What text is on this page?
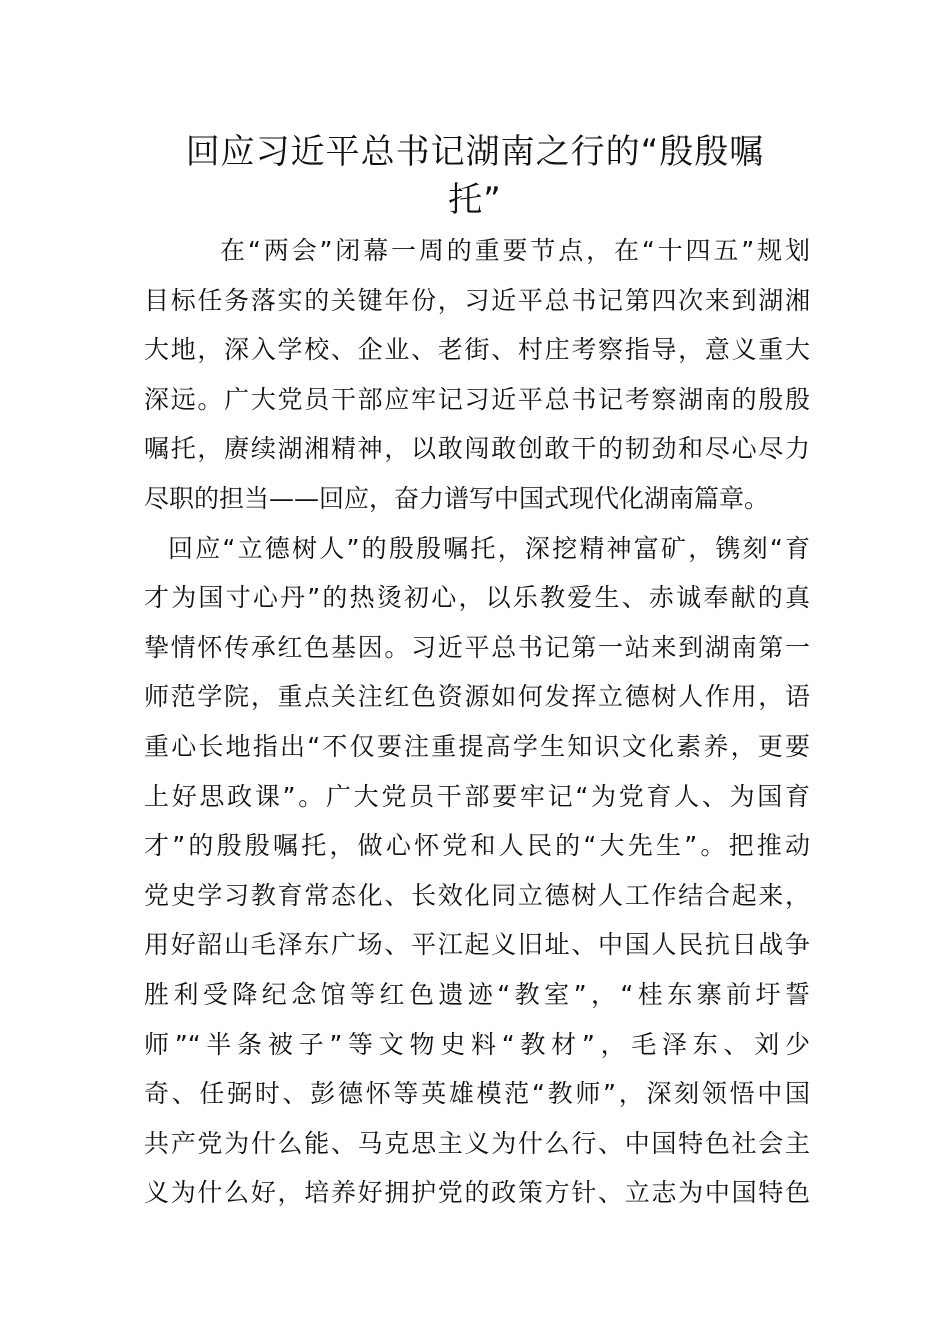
回应习近平总书记湖南之行的“殷殷嘱
托”
在“两会”闭幕一周的重要节点，在“十四五”规划
目标任务落实的关键年份，习近平总书记第四次来到湖湘
大地，深入学校、企业、老街、村庄考察指导，意义重大
深远。广大党员干部应牢记习近平总书记考察湖南的殷殷
嘱托，赓续湖湘精神，以敢闯敢创敢干的韧劲和尽心尽力
尽职的担当——回应，奋力谱写中国式现代化湖南篇章。
回应“立德树人”的殷殷嘱托，深挖精神富矿，镌刻“育
才为国寸心丹”的热烫初心，以乐教爱生、赤诚奉献的真
挚情怀传承红色基因。习近平总书记第一站来到湖南第一
师范学院，重点关注红色资源如何发挥立德树人作用，语
重心长地指出“不仅要注重提高学生知识文化素养，更要
上好思政课”。广大党员干部要牢记“为党育人、为国育
才”的殷殷嘱托，做心怀党和人民的“大先生”。把推动
党史学习教育常态化、长效化同立德树人工作结合起来，
用好韶山毛泽东广场、平江起义旧址、中国人民抗日战争
胜利受降纪念馆等红色遗迹“教室”，“桂东寨前圩誓
师”“半条被子”等文物史料“教材”，毛泽东、刘少
奇、任弼时、彭德怀等英雄模范“教师”，深刻领悟中国
共产党为什么能、马克思主义为什么行、中国特色社会主
义为什么好，培养好拥护党的政策方针、立志为中国特色
